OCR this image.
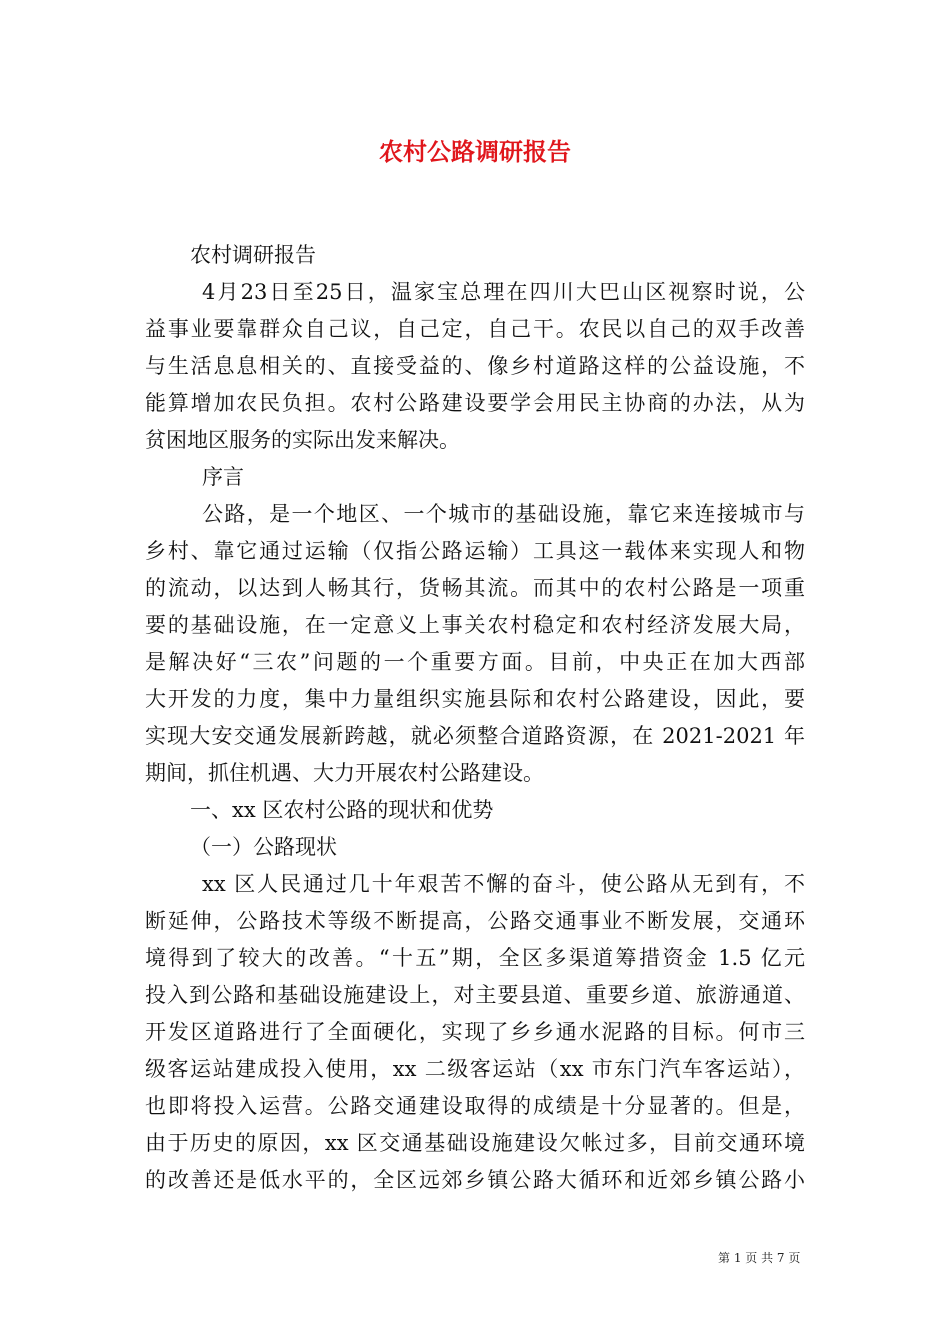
农村公路调研报告
农村调研报告
4月23日至25日，温家宝总理在四川大巴山区视察时说，公
益事业要靠群众自己议，自己定，自己干。农民以自己的双手改善
与生活息息相关的、直接受益的、像乡村道路这样的公益设施，不
能算增加农民负担。农村公路建设要学会用民主协商的办法，从为
贫困地区服务的实际出发来解决。
序言
公路，是一个地区、一个城市的基础设施，靠它来连接城市与
乡村、靠它通过运输（仅指公路运输）工具这一载体来实现人和物
的流动，以达到人畅其行，货畅其流。而其中的农村公路是一项重
要的基础设施，在一定意义上事关农村稳定和农村经济发展大局，
是解决好“三农”问题的一个重要方面。目前，中央正在加大西部
大开发的力度，集中力量组织实施县际和农村公路建设，因此，要
实现大安交通发展新跨越，就必须整合道路资源，在 2021-2021 年
期间，抓住机遇、大力开展农村公路建设。
一、xx 区农村公路的现状和优势
（一）公路现状
xx 区人民通过几十年艰苦不懈的奋斗，使公路从无到有，不
断延伸，公路技术等级不断提高，公路交通事业不断发展，交通环
境得到了较大的改善。“十五”期，全区多渠道筹措资金 1.5 亿元
投入到公路和基础设施建设上，对主要县道、重要乡道、旅游通道、
开发区道路进行了全面硬化，实现了乡乡通水泥路的目标。何市三
级客运站建成投入使用，xx 二级客运站（xx 市东门汽车客运站），
也即将投入运营。公路交通建设取得的成绩是十分显著的。但是，
由于历史的原因，xx 区交通基础设施建设欠帐过多，目前交通环境
的改善还是低水平的，全区远郊乡镇公路大循环和近郊乡镇公路小
第 1 页 共 7 页
